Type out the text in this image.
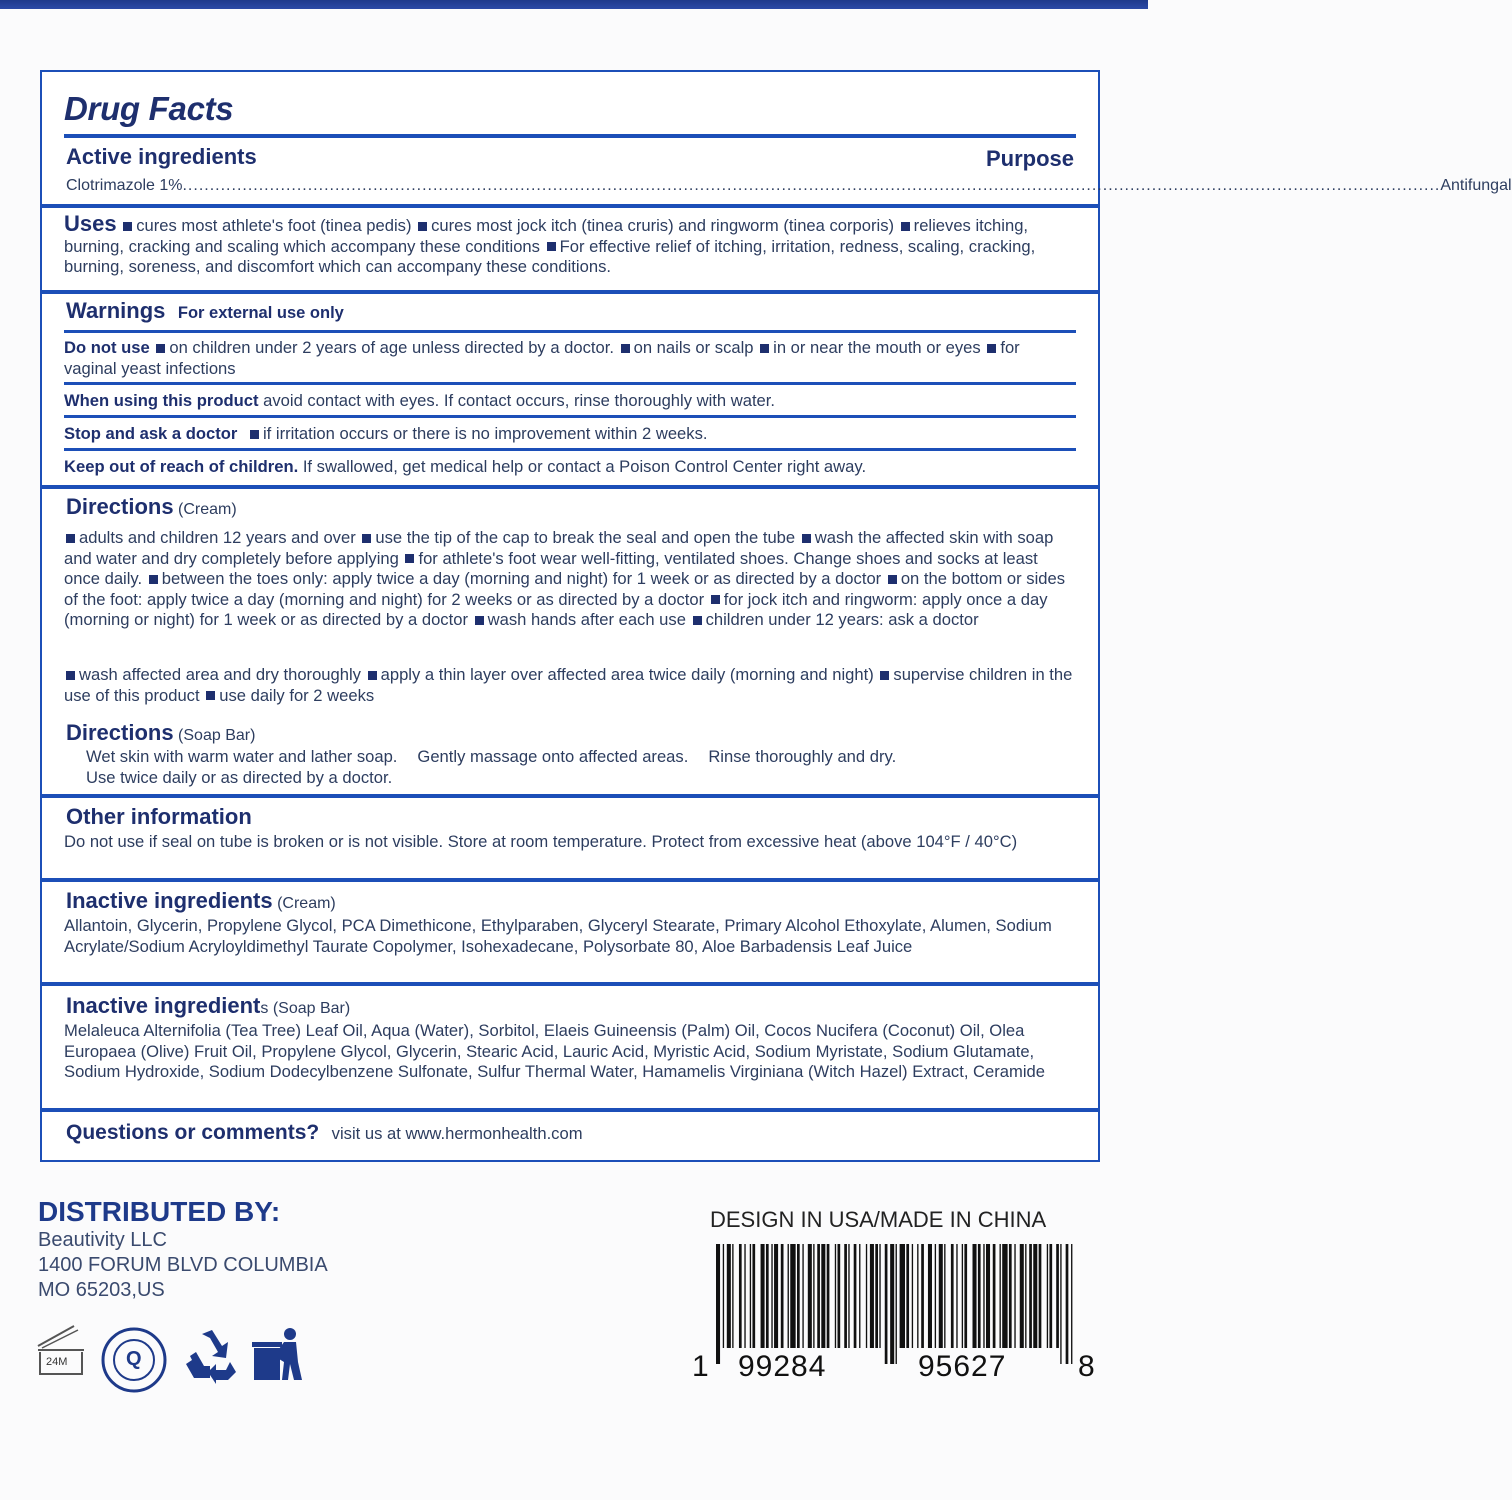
Drug Facts
Active ingredients	Purpose
Clotrimazole 1% ....................................................................................................................................................................................................................................... Antifungal
Uses cures most athlete's foot (tinea pedis) cures most jock itch (tinea cruris) and ringworm (tinea corporis) relieves itching, burning, cracking and scaling which accompany these conditions For effective relief of itching, irritation, redness, scaling, cracking, burning, soreness, and discomfort which can accompany these conditions.
Warnings For external use only
Do not use on children under 2 years of age unless directed by a doctor. on nails or scalp in or near the mouth or eyes for vaginal yeast infections
When using this product avoid contact with eyes. If contact occurs, rinse thoroughly with water.
Stop and ask a doctor if irritation occurs or there is no improvement within 2 weeks.
Keep out of reach of children. If swallowed, get medical help or contact a Poison Control Center right away.
Directions (Cream)
adults and children 12 years and over use the tip of the cap to break the seal and open the tube wash the affected skin with soap and water and dry completely before applying for athlete's foot wear well-fitting, ventilated shoes. Change shoes and socks at least once daily. between the toes only: apply twice a day (morning and night) for 1 week or as directed by a doctor on the bottom or sides of the foot: apply twice a day (morning and night) for 2 weeks or as directed by a doctor for jock itch and ringworm: apply once a day (morning or night) for 1 week or as directed by a doctor wash hands after each use children under 12 years: ask a doctor
wash affected area and dry thoroughly apply a thin layer over affected area twice daily (morning and night) supervise children in the use of this product use daily for 2 weeks
Directions (Soap Bar)
Wet skin with warm water and lather soap. Gently massage onto affected areas. Rinse thoroughly and dry.
Use twice daily or as directed by a doctor.
Other information
Do not use if seal on tube is broken or is not visible. Store at room temperature. Protect from excessive heat (above 104°F / 40°C)
Inactive ingredients (Cream)
Allantoin, Glycerin, Propylene Glycol, PCA Dimethicone, Ethylparaben, Glyceryl Stearate, Primary Alcohol Ethoxylate, Alumen, Sodium Acrylate/Sodium Acryloyldimethyl Taurate Copolymer, Isohexadecane, Polysorbate 80, Aloe Barbadensis Leaf Juice
Inactive ingredients (Soap Bar)
Melaleuca Alternifolia (Tea Tree) Leaf Oil, Aqua (Water), Sorbitol, Elaeis Guineensis (Palm) Oil, Cocos Nucifera (Coconut) Oil, Olea Europaea (Olive) Fruit Oil, Propylene Glycol, Glycerin, Stearic Acid, Lauric Acid, Myristic Acid, Sodium Myristate, Sodium Glutamate, Sodium Hydroxide, Sodium Dodecylbenzene Sulfonate, Sulfur Thermal Water, Hamamelis Virginiana (Witch Hazel) Extract, Ceramide
Questions or comments? visit us at www.hermonhealth.com
DISTRIBUTED BY:
Beautivity LLC
1400 FORUM BLVD COLUMBIA
MO 65203,US
24M	Q
DESIGN IN USA/MADE IN CHINA
1 99284	95627 8
